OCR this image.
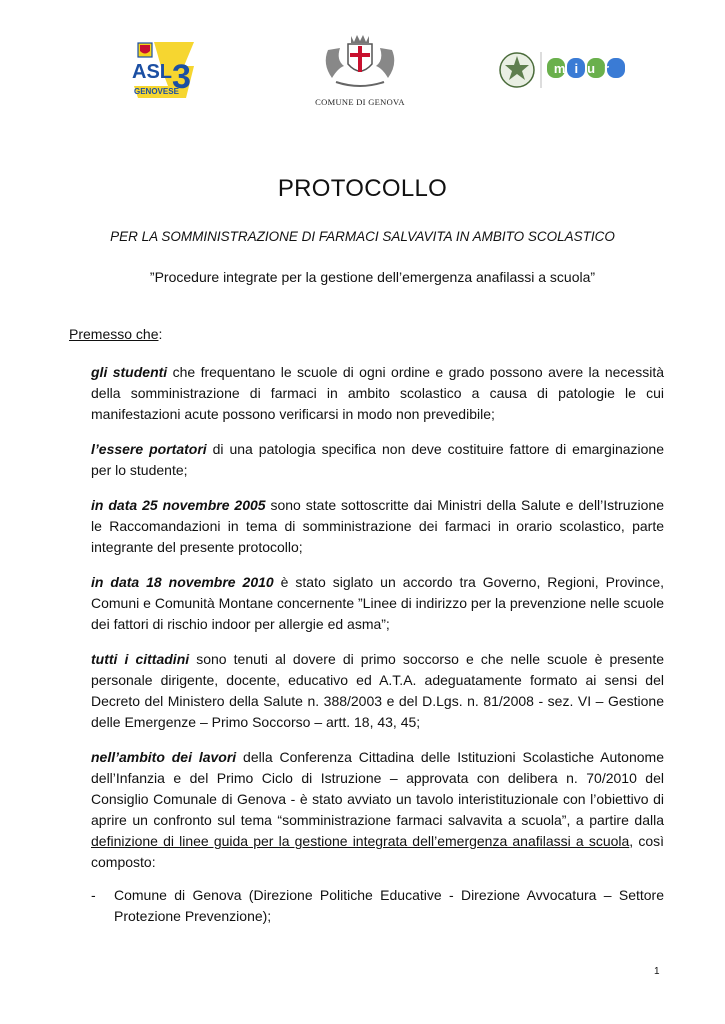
ASL 3
GENOVESE
COMUNE DI GENOVA
miur
PROTOCOLLO
PER LA SOMMINISTRAZIONE DI FARMACI SALVAVITA IN AMBITO SCOLASTICO
”Procedure integrate per la gestione dell’emergenza anafilassi a scuola”
Premesso che:

gli studenti che frequentano le scuole di ogni ordine e grado possono avere la necessità della somministrazione di farmaci in ambito scolastico a causa di patologie le cui manifestazioni acute possono verificarsi in modo non prevedibile;

l’essere portatori di una patologia specifica non deve costituire fattore di emarginazione per lo studente;

in data 25 novembre 2005 sono state sottoscritte dai Ministri della Salute e dell’Istruzione le Raccomandazioni in tema di somministrazione dei farmaci in orario scolastico, parte integrante del presente protocollo;

in data 18 novembre 2010 è stato siglato un accordo tra Governo, Regioni, Province, Comuni e Comunità Montane concernente ”Linee di indirizzo per la prevenzione nelle scuole dei fattori di rischio indoor per allergie ed asma”;

tutti i cittadini sono tenuti al dovere di primo soccorso e che nelle scuole è presente personale dirigente, docente, educativo ed A.T.A. adeguatamente formato ai sensi del Decreto del Ministero della Salute n. 388/2003 e del D.Lgs. n. 81/2008 - sez. VI – Gestione delle Emergenze – Primo Soccorso – artt. 18, 43, 45;

nell’ambito dei lavori della Conferenza Cittadina delle Istituzioni Scolastiche Autonome dell’Infanzia e del Primo Ciclo di Istruzione – approvata con delibera n. 70/2010 del Consiglio Comunale di Genova - è stato avviato un tavolo interistituzionale con l’obiettivo di aprire un confronto sul tema “somministrazione farmaci salvavita a scuola”, a partire dalla definizione di linee guida per la gestione integrata dell’emergenza anafilassi a scuola, così composto:

-	Comune di Genova (Direzione Politiche Educative - Direzione Avvocatura – Settore Protezione Prevenzione);
1
